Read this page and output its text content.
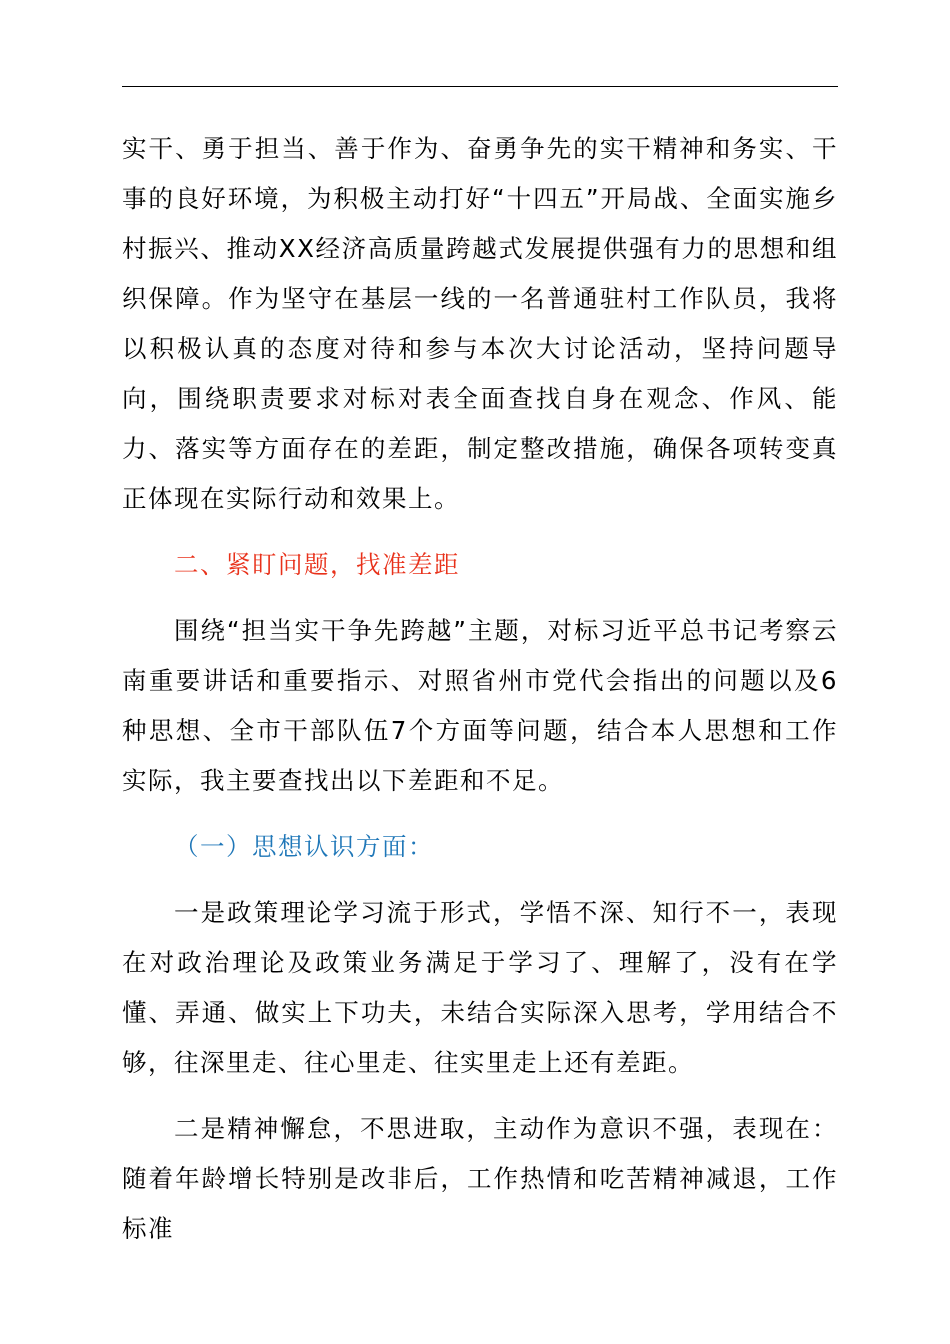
实干、勇于担当、善于作为、奋勇争先的实干精神和务实、干事的良好环境，为积极主动打好“十四五”开局战、全面实施乡村振兴、推动XX经济高质量跨越式发展提供强有力的思想和组织保障。作为坚守在基层一线的一名普通驻村工作队员，我将以积极认真的态度对待和参与本次大讨论活动，坚持问题导向，围绕职责要求对标对表全面查找自身在观念、作风、能力、落实等方面存在的差距，制定整改措施，确保各项转变真正体现在实际行动和效果上。

二、紧盯问题，找准差距

围绕“担当实干争先跨越”主题，对标习近平总书记考察云南重要讲话和重要指示、对照省州市党代会指出的问题以及6种思想、全市干部队伍7个方面等问题，结合本人思想和工作实际，我主要查找出以下差距和不足。

（一）思想认识方面：

一是政策理论学习流于形式，学悟不深、知行不一，表现在对政治理论及政策业务满足于学习了、理解了，没有在学懂、弄通、做实上下功夫，未结合实际深入思考，学用结合不够，往深里走、往心里走、往实里走上还有差距。

二是精神懈怠，不思进取，主动作为意识不强，表现在：随着年龄增长特别是改非后，工作热情和吃苦精神减退，工作标准
